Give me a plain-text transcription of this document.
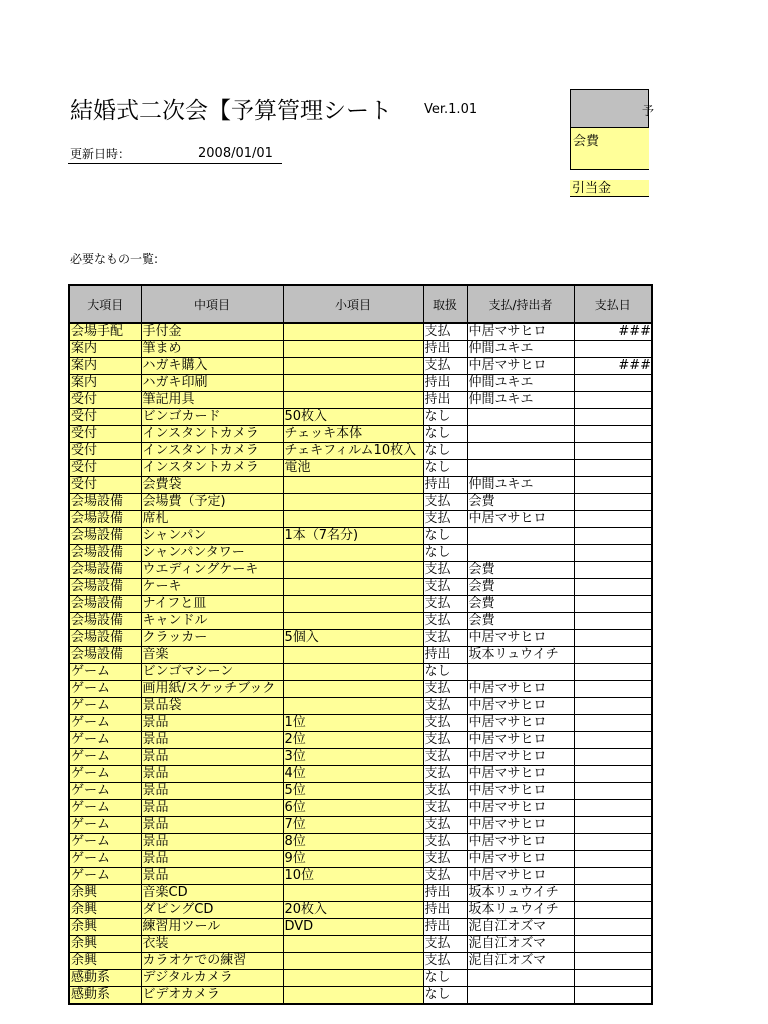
結婚式二次会【予算管理シート	Ver.1.01
更新日時：	2008/01/01
予
会費
引当金
必要なもの一覧:
大項目	中項目	小項目	取扱	支払/持出者	支払日
会場手配	手付金		支払	中居マサヒロ	###
案内	筆まめ		持出	仲間ユキエ	
案内	ハガキ購入		支払	中居マサヒロ	###
案内	ハガキ印刷		持出	仲間ユキエ	
受付	筆記用具		持出	仲間ユキエ	
受付	ビンゴカード	50枚入	なし		
受付	インスタントカメラ	チェッキ本体	なし		
受付	インスタントカメラ	チェキフィルム10枚入	なし		
受付	インスタントカメラ	電池	なし		
受付	会費袋		持出	仲間ユキエ	
会場設備	会場費（予定)		支払	会費	
会場設備	席札		支払	中居マサヒロ	
会場設備	シャンパン	1本（7名分)	なし		
会場設備	シャンパンタワー		なし		
会場設備	ウエディングケーキ		支払	会費	
会場設備	ケーキ		支払	会費	
会場設備	ナイフと皿		支払	会費	
会場設備	キャンドル		支払	会費	
会場設備	クラッカー	5個入	支払	中居マサヒロ	
会場設備	音楽		持出	坂本リュウイチ	
ゲーム	ビンゴマシーン		なし		
ゲーム	画用紙/スケッチブック		支払	中居マサヒロ	
ゲーム	景品袋		支払	中居マサヒロ	
ゲーム	景品	1位	支払	中居マサヒロ	
ゲーム	景品	2位	支払	中居マサヒロ	
ゲーム	景品	3位	支払	中居マサヒロ	
ゲーム	景品	4位	支払	中居マサヒロ	
ゲーム	景品	5位	支払	中居マサヒロ	
ゲーム	景品	6位	支払	中居マサヒロ	
ゲーム	景品	7位	支払	中居マサヒロ	
ゲーム	景品	8位	支払	中居マサヒロ	
ゲーム	景品	9位	支払	中居マサヒロ	
ゲーム	景品	10位	支払	中居マサヒロ	
余興	音楽CD		持出	坂本リュウイチ	
余興	ダビングCD	20枚入	持出	坂本リュウイチ	
余興	練習用ツール	DVD	持出	泥自江オズマ	
余興	衣装		支払	泥自江オズマ	
余興	カラオケでの練習		支払	泥自江オズマ	
感動系	デジタルカメラ		なし		
感動系	ビデオカメラ		なし		
